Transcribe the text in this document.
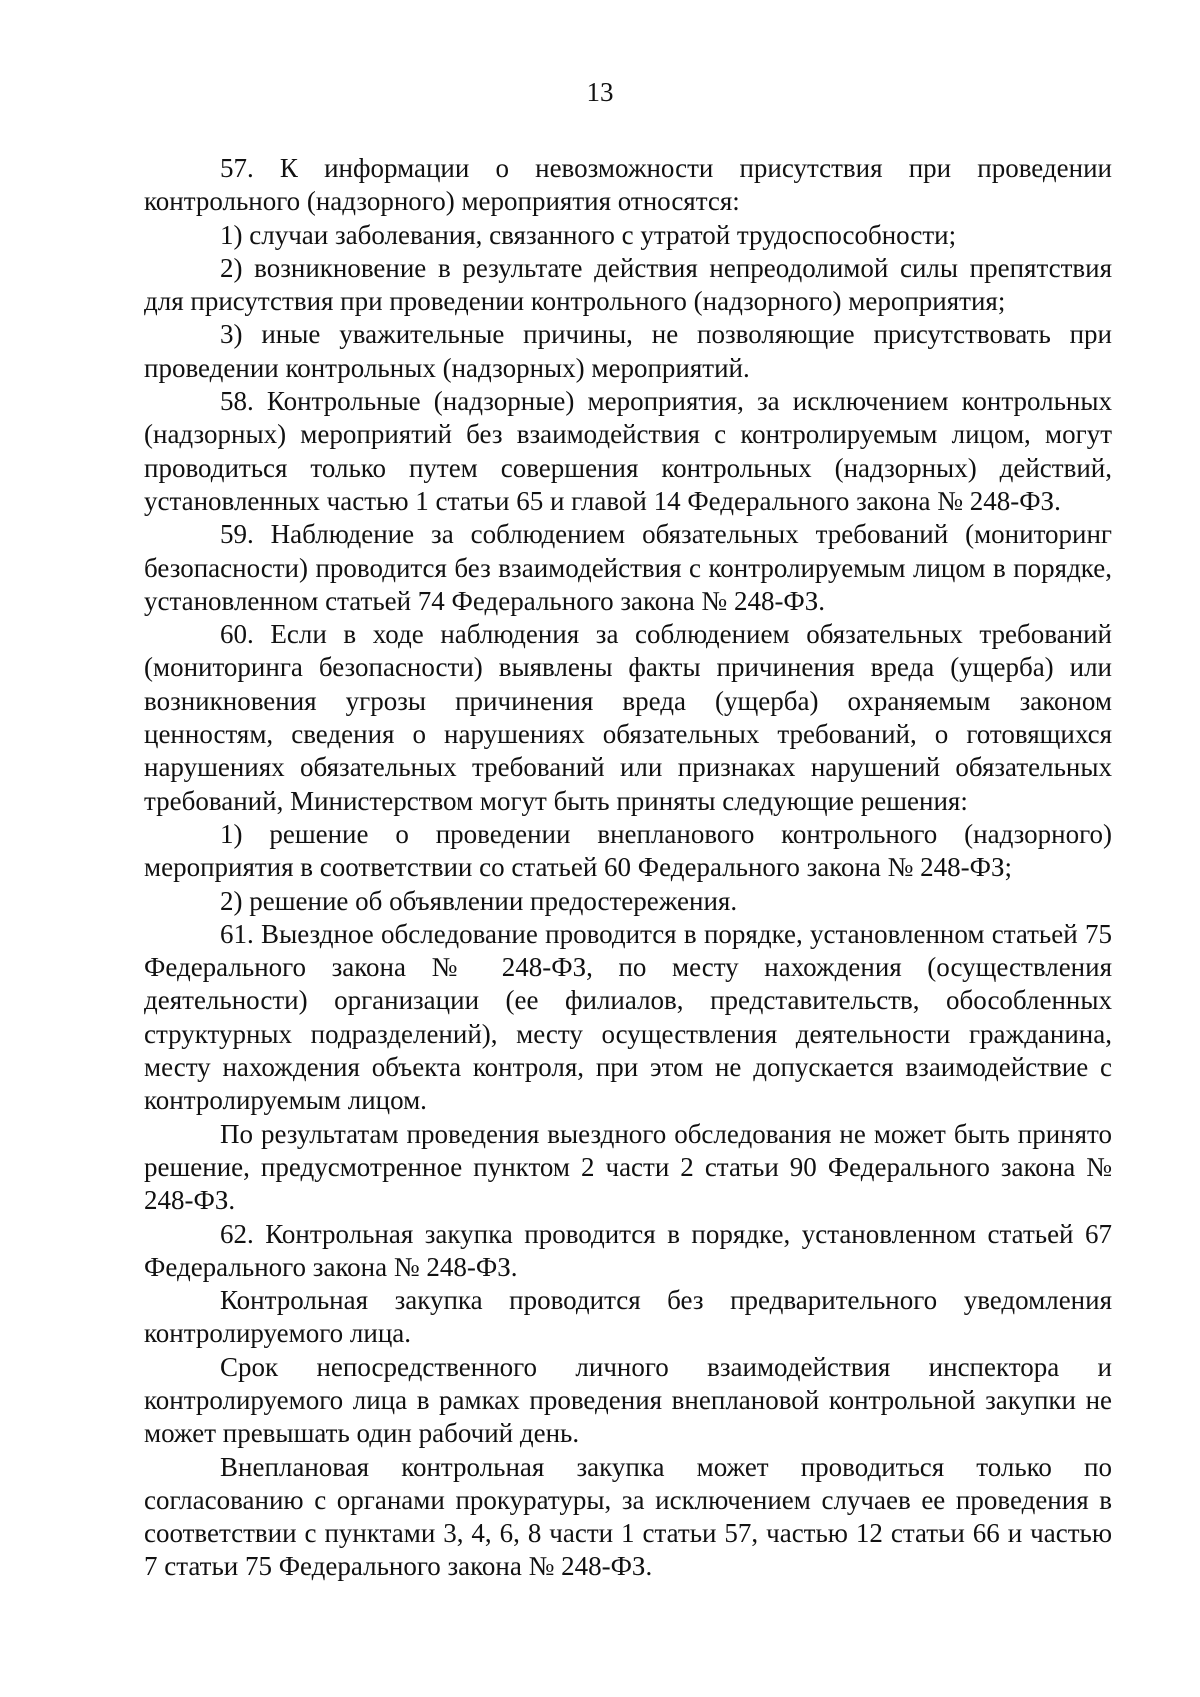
13

57. К информации о невозможности присутствия при проведении контрольного (надзорного) мероприятия относятся:

1) случаи заболевания, связанного с утратой трудоспособности;

2) возникновение в результате действия непреодолимой силы препятствия для присутствия при проведении контрольного (надзорного) мероприятия;

3) иные уважительные причины, не позволяющие присутствовать при проведении контрольных (надзорных) мероприятий.

58. Контрольные (надзорные) мероприятия, за исключением контрольных (надзорных) мероприятий без взаимодействия с контролируемым лицом, могут проводиться только путем совершения контрольных (надзорных) действий, установленных частью 1 статьи 65 и главой 14 Федерального закона № 248-ФЗ.

59. Наблюдение за соблюдением обязательных требований (мониторинг безопасности) проводится без взаимодействия с контролируемым лицом в порядке, установленном статьей 74 Федерального закона № 248-ФЗ.

60. Если в ходе наблюдения за соблюдением обязательных требований (мониторинга безопасности) выявлены факты причинения вреда (ущерба) или возникновения угрозы причинения вреда (ущерба) охраняемым законом ценностям, сведения о нарушениях обязательных требований, о готовящихся нарушениях обязательных требований или признаках нарушений обязательных требований, Министерством могут быть приняты следующие решения:

1) решение о проведении внепланового контрольного (надзорного) мероприятия в соответствии со статьей 60 Федерального закона № 248-ФЗ;

2) решение об объявлении предостережения.

61. Выездное обследование проводится в порядке, установленном статьей 75 Федерального закона № 248-ФЗ, по месту нахождения (осуществления деятельности) организации (ее филиалов, представительств, обособленных структурных подразделений), месту осуществления деятельности гражданина, месту нахождения объекта контроля, при этом не допускается взаимодействие с контролируемым лицом.

По результатам проведения выездного обследования не может быть принято решение, предусмотренное пунктом 2 части 2 статьи 90 Федерального закона № 248-ФЗ.

62. Контрольная закупка проводится в порядке, установленном статьей 67 Федерального закона № 248-ФЗ.

Контрольная закупка проводится без предварительного уведомления контролируемого лица.

Срок непосредственного личного взаимодействия инспектора и контролируемого лица в рамках проведения внеплановой контрольной закупки не может превышать один рабочий день.

Внеплановая контрольная закупка может проводиться только по согласованию с органами прокуратуры, за исключением случаев ее проведения в соответствии с пунктами 3, 4, 6, 8 части 1 статьи 57, частью 12 статьи 66 и частью 7 статьи 75 Федерального закона № 248-ФЗ.
